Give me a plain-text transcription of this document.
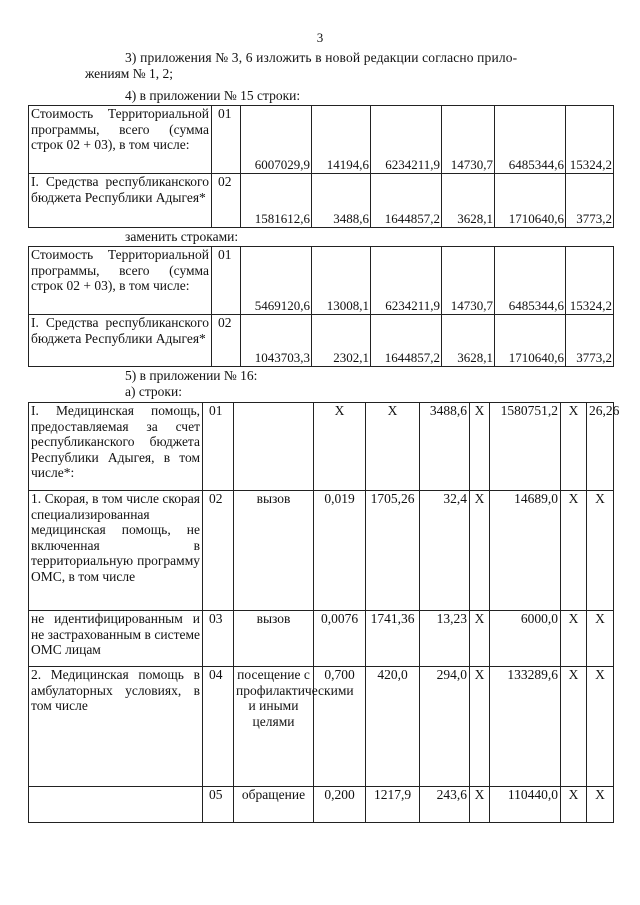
3
3) приложения № 3, 6 изложить в новой редакции согласно прило-
жениям № 1, 2;
4) в приложении № 15 строки:
Стоимость Территориальной программы, всего (сумма строк 02 + 03), в том числе:	01	6007029,9	14194,6	6234211,9	14730,7	6485344,6	15324,2
I. Средства республиканского бюджета Республики Адыгея*	02	1581612,6	3488,6	1644857,2	3628,1	1710640,6	3773,2
заменить строками:
Стоимость Территориальной программы, всего (сумма строк 02 + 03), в том числе:	01	5469120,6	13008,1	6234211,9	14730,7	6485344,6	15324,2
I. Средства республиканского бюджета Республики Адыгея*	02	1043703,3	2302,1	1644857,2	3628,1	1710640,6	3773,2
5) в приложении № 16:
а) строки:
I. Медицинская помощь, предоставляемая за счет республиканского бюджета Республики Адыгея, в том числе*:	01		X	X	3488,6	X	1580751,2	X	26,26
1. Скорая, в том числе скорая специализированная медицинская помощь, не включенная в территориальную программу ОМС, в том числе	02	вызов	0,019	1705,26	32,4	X	14689,0	X	X
не идентифицированным и не застрахованным в системе ОМС лицам	03	вызов	0,0076	1741,36	13,23	X	6000,0	X	X
2. Медицинская помощь в амбулаторных условиях, в том числе	04	посещение с профилактическими и иными целями	0,700	420,0	294,0	X	133289,6	X	X
	05	обращение	0,200	1217,9	243,6	X	110440,0	X	X
